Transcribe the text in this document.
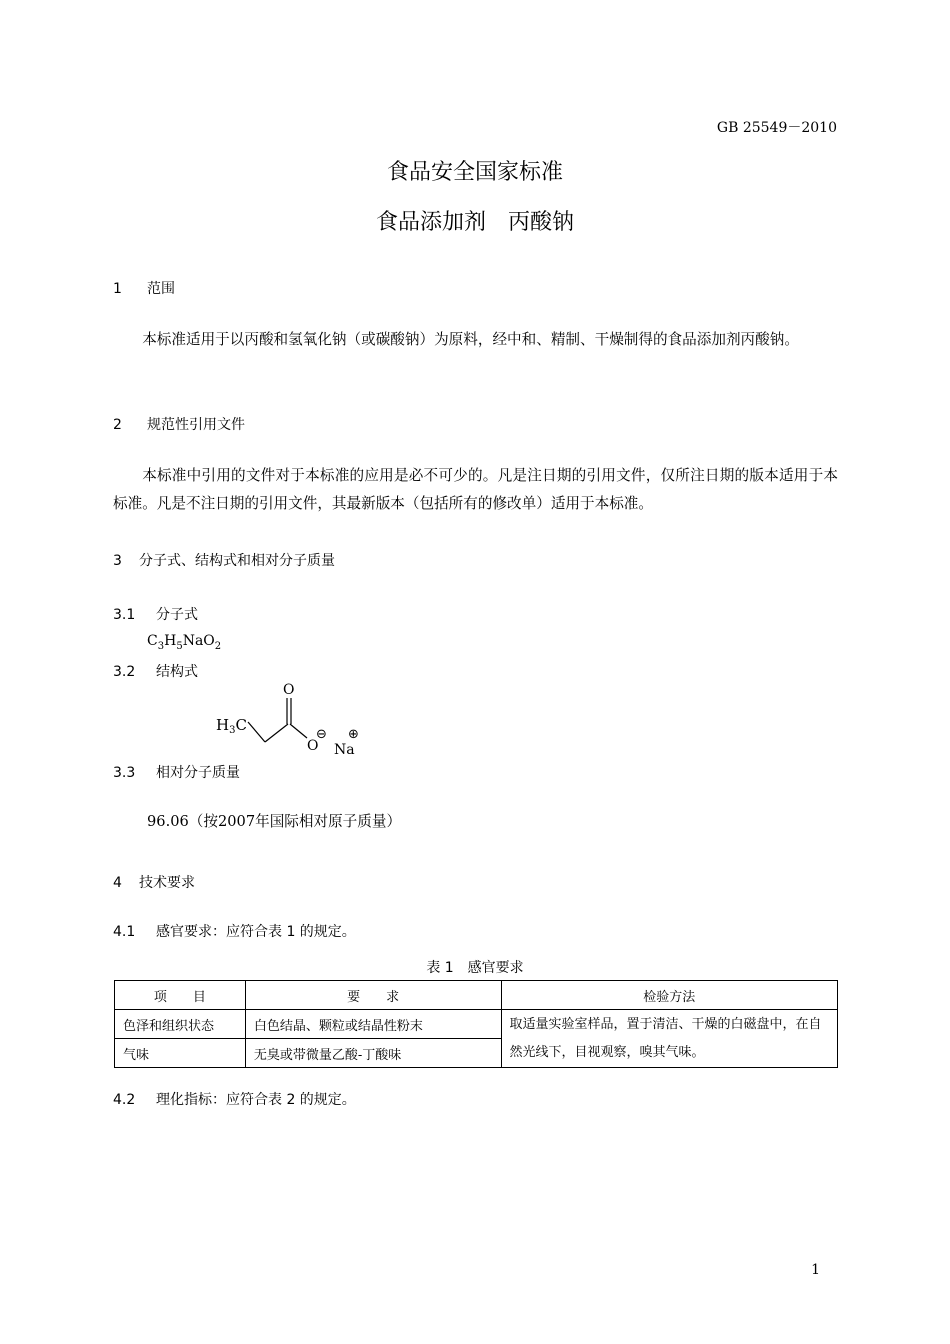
GB 25549－2010
食品安全国家标准
食品添加剂　丙酸钠
1 范围
本标准适用于以丙酸和氢氧化钠（或碳酸钠）为原料，经中和、精制、干燥制得的食品添加剂丙酸钠。
2 规范性引用文件
本标准中引用的文件对于本标准的应用是必不可少的。凡是注日期的引用文件，仅所注日期的版本适用于本标准。凡是不注日期的引用文件，其最新版本（包括所有的修改单）适用于本标准。
3 分子式、结构式和相对分子质量
3.1 分子式
$C_3H_5NaO_2$
3.2 结构式
$H_3C$
O
O
⊖
Na
⊕
3.3 相对分子质量
96.06（按2007年国际相对原子质量）
4 技术要求
4.1 感官要求：应符合表 1 的规定。
表 1　感官要求
项　　目	要　　求	检验方法
色泽和组织状态	白色结晶、颗粒或结晶性粉末	取适量实验室样品，置于清洁、干燥的白磁盘中，在自然光线下，目视观察，嗅其气味。
气味	无臭或带微量乙酸-丁酸味	
4.2 理化指标：应符合表 2 的规定。
1
